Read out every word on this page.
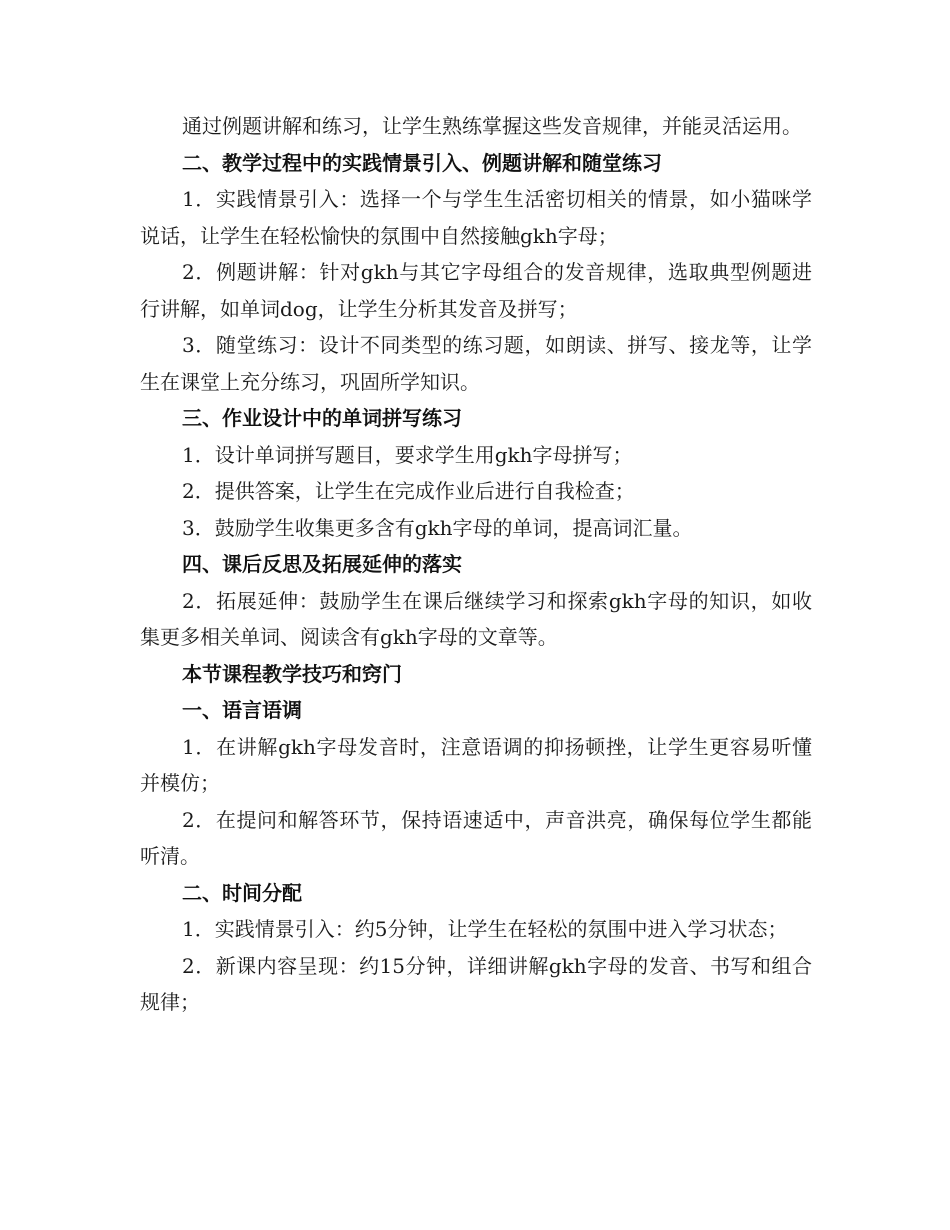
通过例题讲解和练习，让学生熟练掌握这些发音规律，并能灵活运用。

二、教学过程中的实践情景引入、例题讲解和随堂练习

1．实践情景引入：选择一个与学生生活密切相关的情景，如小猫咪学说话，让学生在轻松愉快的氛围中自然接触gkh字母；

2．例题讲解：针对gkh与其它字母组合的发音规律，选取典型例题进行讲解，如单词dog，让学生分析其发音及拼写；

3．随堂练习：设计不同类型的练习题，如朗读、拼写、接龙等，让学生在课堂上充分练习，巩固所学知识。

三、作业设计中的单词拼写练习

1．设计单词拼写题目，要求学生用gkh字母拼写；

2．提供答案，让学生在完成作业后进行自我检查；

3．鼓励学生收集更多含有gkh字母的单词，提高词汇量。

四、课后反思及拓展延伸的落实

2．拓展延伸：鼓励学生在课后继续学习和探索gkh字母的知识，如收集更多相关单词、阅读含有gkh字母的文章等。

本节课程教学技巧和窍门

一、语言语调

1．在讲解gkh字母发音时，注意语调的抑扬顿挫，让学生更容易听懂并模仿；

2．在提问和解答环节，保持语速适中，声音洪亮，确保每位学生都能听清。

二、时间分配

1．实践情景引入：约5分钟，让学生在轻松的氛围中进入学习状态；

2．新课内容呈现：约15分钟，详细讲解gkh字母的发音、书写和组合规律；
